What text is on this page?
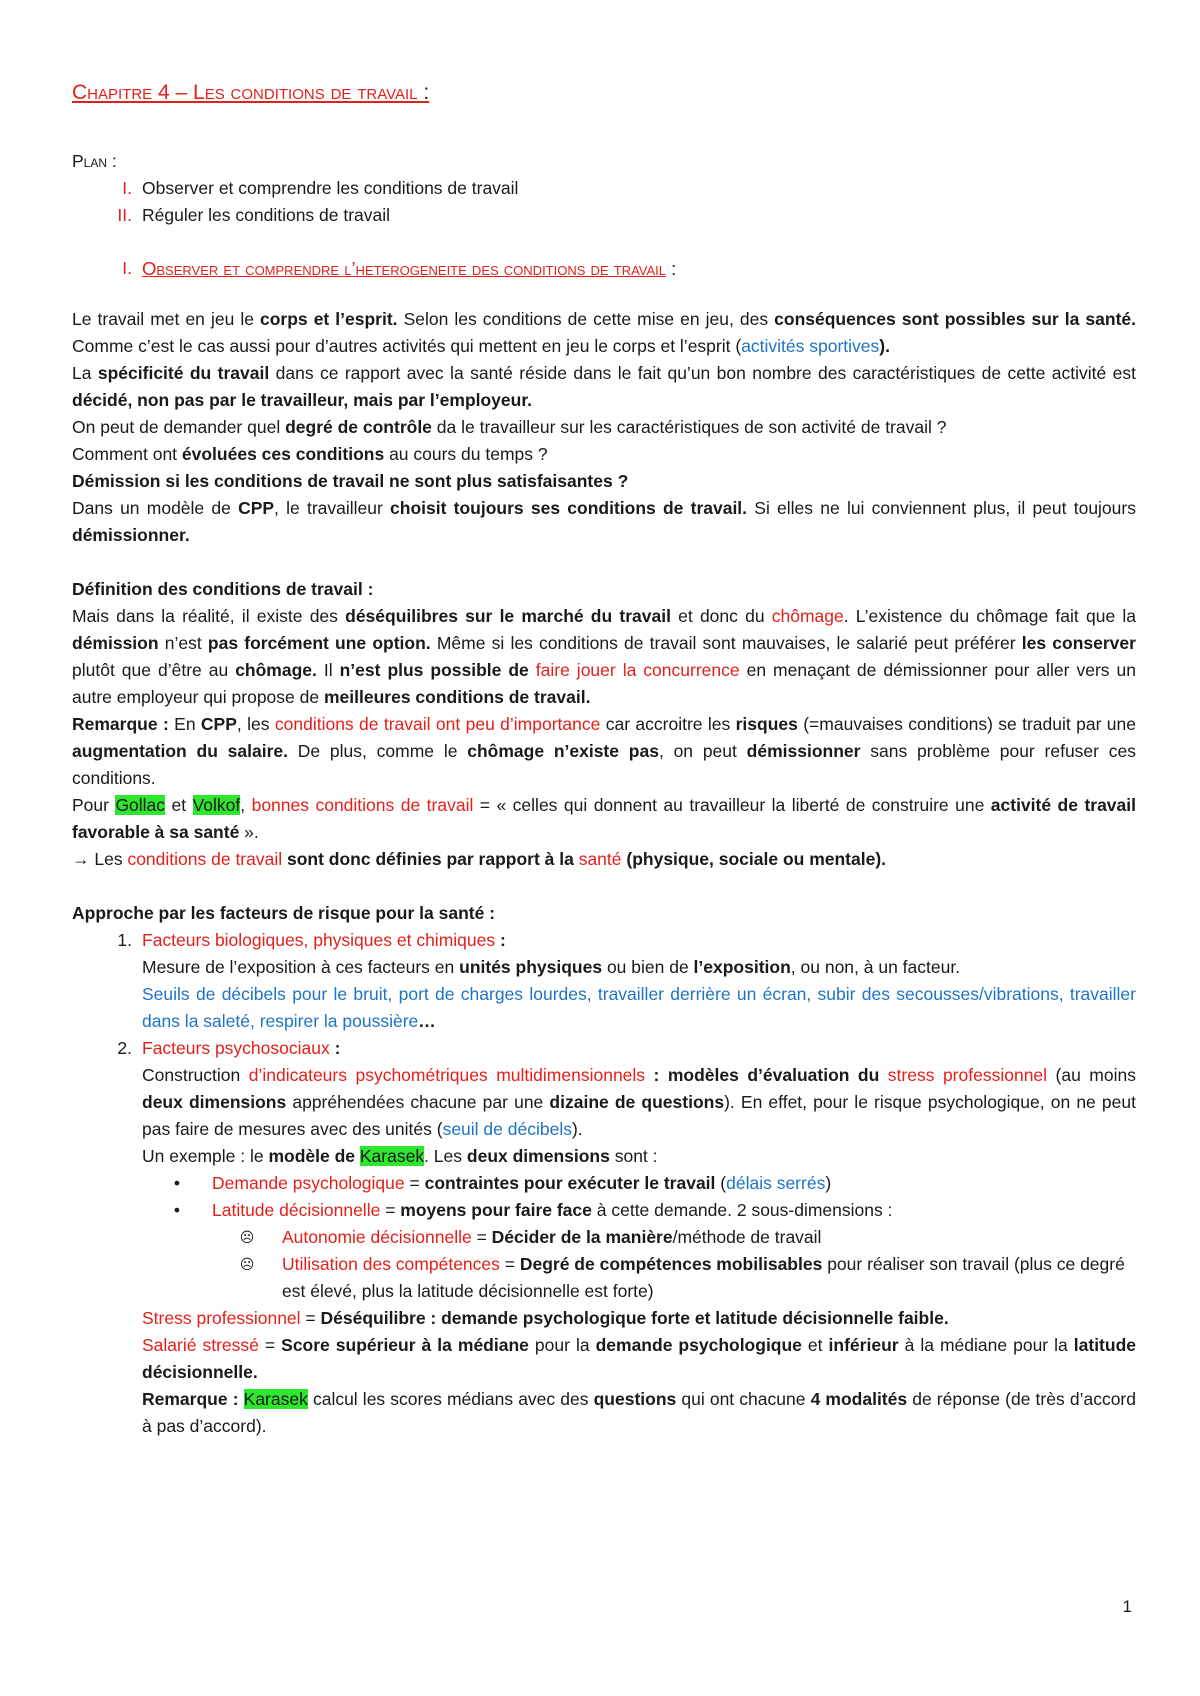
Chapitre 4 – Les conditions de travail :

Plan :

I. Observer et comprendre les conditions de travail
II. Réguler les conditions de travail
I. Observer et comprendre l’heterogeneite des conditions de travail :

Le travail met en jeu le corps et l’esprit. Selon les conditions de cette mise en jeu, des conséquences sont possibles sur la santé. Comme c’est le cas aussi pour d’autres activités qui mettent en jeu le corps et l’esprit (activités sportives).
La spécificité du travail dans ce rapport avec la santé réside dans le fait qu’un bon nombre des caractéristiques de cette activité est décidé, non pas par le travailleur, mais par l’employeur.

On peut de demander quel degré de contrôle da le travailleur sur les caractéristiques de son activité de travail ?

Comment ont évoluées ces conditions au cours du temps ?

Démission si les conditions de travail ne sont plus satisfaisantes ?

Dans un modèle de CPP, le travailleur choisit toujours ses conditions de travail. Si elles ne lui conviennent plus, il peut toujours démissionner.

Définition des conditions de travail :

Mais dans la réalité, il existe des déséquilibres sur le marché du travail et donc du chômage. L’existence du chômage fait que la démission n’est pas forcément une option. Même si les conditions de travail sont mauvaises, le salarié peut préférer les conserver plutôt que d’être au chômage. Il n’est plus possible de faire jouer la concurrence en menaçant de démissionner pour aller vers un autre employeur qui propose de meilleures conditions de travail.

Remarque : En CPP, les conditions de travail ont peu d’importance car accroitre les risques (=mauvaises conditions) se traduit par une augmentation du salaire. De plus, comme le chômage n’existe pas, on peut démissionner sans problème pour refuser ces conditions.

Pour Gollac et Volkof, bonnes conditions de travail = « celles qui donnent au travailleur la liberté de construire une activité de travail favorable à sa santé ».

→ Les conditions de travail sont donc définies par rapport à la santé (physique, sociale ou mentale).

Approche par les facteurs de risque pour la santé :

1. Facteurs biologiques, physiques et chimiques :

Mesure de l’exposition à ces facteurs en unités physiques ou bien de l’exposition, ou non, à un facteur.
Seuils de décibels pour le bruit, port de charges lourdes, travailler derrière un écran, subir des secousses/vibrations, travailler dans la saleté, respirer la poussière…

2. Facteurs psychosociaux :

Construction d’indicateurs psychométriques multidimensionnels : modèles d’évaluation du stress professionnel (au moins deux dimensions appréhendées chacune par une dizaine de questions). En effet, pour le risque psychologique, on ne peut pas faire de mesures avec des unités (seuil de décibels).

Un exemple : le modèle de Karasek. Les deux dimensions sont :

•	Demande psychologique = contraintes pour exécuter le travail (délais serrés)
•	Latitude décisionnelle = moyens pour faire face à cette demande. 2 sous-dimensions :
☹	Autonomie décisionnelle = Décider de la manière/méthode de travail
☹	Utilisation des compétences = Degré de compétences mobilisables pour réaliser son travail (plus ce degré est élevé, plus la latitude décisionnelle est forte)

Stress professionnel = Déséquilibre : demande psychologique forte et latitude décisionnelle faible.

Salarié stressé = Score supérieur à la médiane pour la demande psychologique et inférieur à la médiane pour la latitude décisionnelle.

Remarque : Karasek calcul les scores médians avec des questions qui ont chacune 4 modalités de réponse (de très d’accord à pas d’accord).

1
